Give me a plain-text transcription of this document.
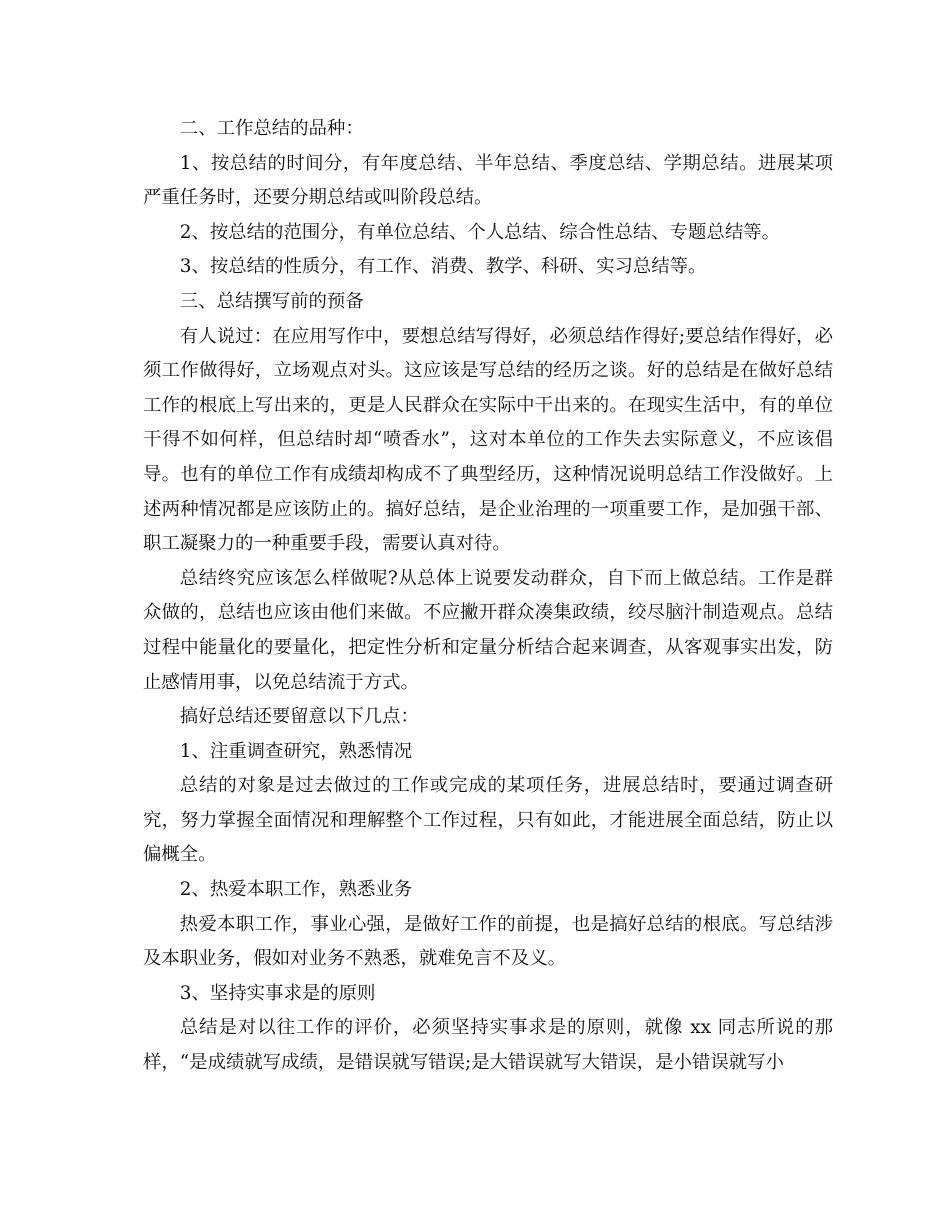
二、工作总结的品种：

1、按总结的时间分，有年度总结、半年总结、季度总结、学期总结。进展某项严重任务时，还要分期总结或叫阶段总结。

2、按总结的范围分，有单位总结、个人总结、综合性总结、专题总结等。

3、按总结的性质分，有工作、消费、教学、科研、实习总结等。

三、总结撰写前的预备

有人说过：在应用写作中，要想总结写得好，必须总结作得好;要总结作得好，必须工作做得好，立场观点对头。这应该是写总结的经历之谈。好的总结是在做好总结工作的根底上写出来的，更是人民群众在实际中干出来的。在现实生活中，有的单位干得不如何样，但总结时却“喷香水”，这对本单位的工作失去实际意义，不应该倡导。也有的单位工作有成绩却构成不了典型经历，这种情况说明总结工作没做好。上述两种情况都是应该防止的。搞好总结，是企业治理的一项重要工作，是加强干部、职工凝聚力的一种重要手段，需要认真对待。

总结终究应该怎么样做呢?从总体上说要发动群众，自下而上做总结。工作是群众做的，总结也应该由他们来做。不应撇开群众凑集政绩，绞尽脑汁制造观点。总结过程中能量化的要量化，把定性分析和定量分析结合起来调查，从客观事实出发，防止感情用事，以免总结流于方式。

搞好总结还要留意以下几点：

1、注重调查研究，熟悉情况

总结的对象是过去做过的工作或完成的某项任务，进展总结时，要通过调查研究，努力掌握全面情况和理解整个工作过程，只有如此，才能进展全面总结，防止以偏概全。

2、热爱本职工作，熟悉业务

热爱本职工作，事业心强，是做好工作的前提，也是搞好总结的根底。写总结涉及本职业务，假如对业务不熟悉，就难免言不及义。

3、坚持实事求是的原则

总结是对以往工作的评价，必须坚持实事求是的原则，就像 xx 同志所说的那样，“是成绩就写成绩，是错误就写错误;是大错误就写大错误，是小错误就写小
